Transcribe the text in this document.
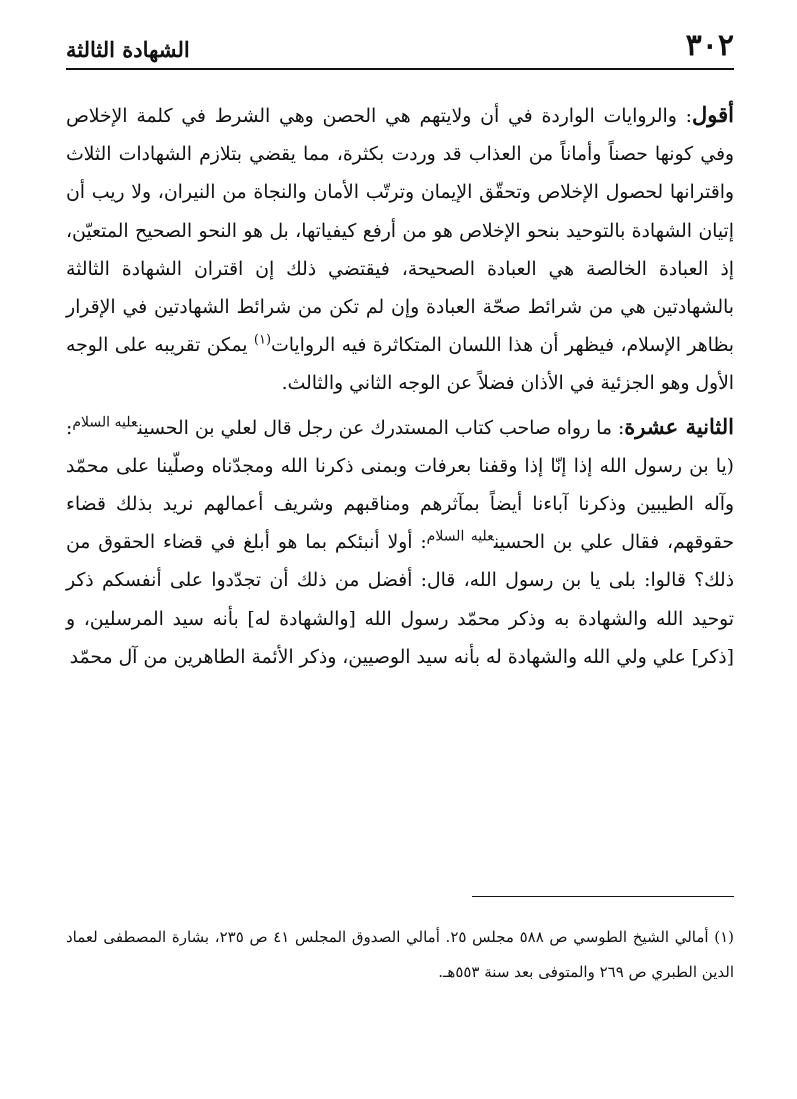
٣٠٢
الشهادة الثالثة

أقول: والروايات الواردة في أن ولايتهم هي الحصن وهي الشرط في كلمة الإخلاص وفي كونها حصناً وأماناً من العذاب قد وردت بكثرة، مما يقضي بتلازم الشهادات الثلاث واقترانها لحصول الإخلاص وتحقّق الإيمان وترتّب الأمان والنجاة من النيران، ولا ريب أن إتيان الشهادة بالتوحيد بنحو الإخلاص هو من أرفع كيفياتها، بل هو النحو الصحيح المتعيّن، إذ العبادة الخالصة هي العبادة الصحيحة، فيقتضي ذلك إن اقتران الشهادة الثالثة بالشهادتين هي من شرائط صحّة العبادة وإن لم تكن من شرائط الشهادتين في الإقرار بظاهر الإسلام، فيظهر أن هذا اللسان المتكاثرة فيه الروايات$^{(١)}$ يمكن تقريبه على الوجه الأول وهو الجزئية في الأذان فضلاً عن الوجه الثاني والثالث.

الثانية عشرة: ما رواه صاحب كتاب المستدرك عن رجل قال لعلي بن الحسين$^{عليه السلام}$: (يا بن رسول الله إذا إنّا إذا وقفنا بعرفات وبمنى ذكرنا الله ومجدّناه وصلّينا على محمّد وآله الطيبين وذكرنا آباءنا أيضاً بمآثرهم ومناقبهم وشريف أعمالهم نريد بذلك قضاء حقوقهم، فقال علي بن الحسين$^{عليه السلام}$: أولا أنبئكم بما هو أبلغ في قضاء الحقوق من ذلك؟ قالوا: بلى يا بن رسول الله، قال: أفضل من ذلك أن تجدّدوا على أنفسكم ذكر توحيد الله والشهادة به وذكر محمّد رسول الله [والشهادة له] بأنه سيد المرسلين، و [ذكر] علي ولي الله والشهادة له بأنه سيد الوصيين، وذكر الأئمة الطاهرين من آل محمّد

(١) أمالي الشيخ الطوسي ص ٥٨٨ مجلس ٢٥. أمالي الصدوق المجلس ٤١ ص ٢٣٥، بشارة المصطفى لعماد الدين الطبري ص ٢٦٩ والمتوفى بعد سنة ٥٥٣هـ.
